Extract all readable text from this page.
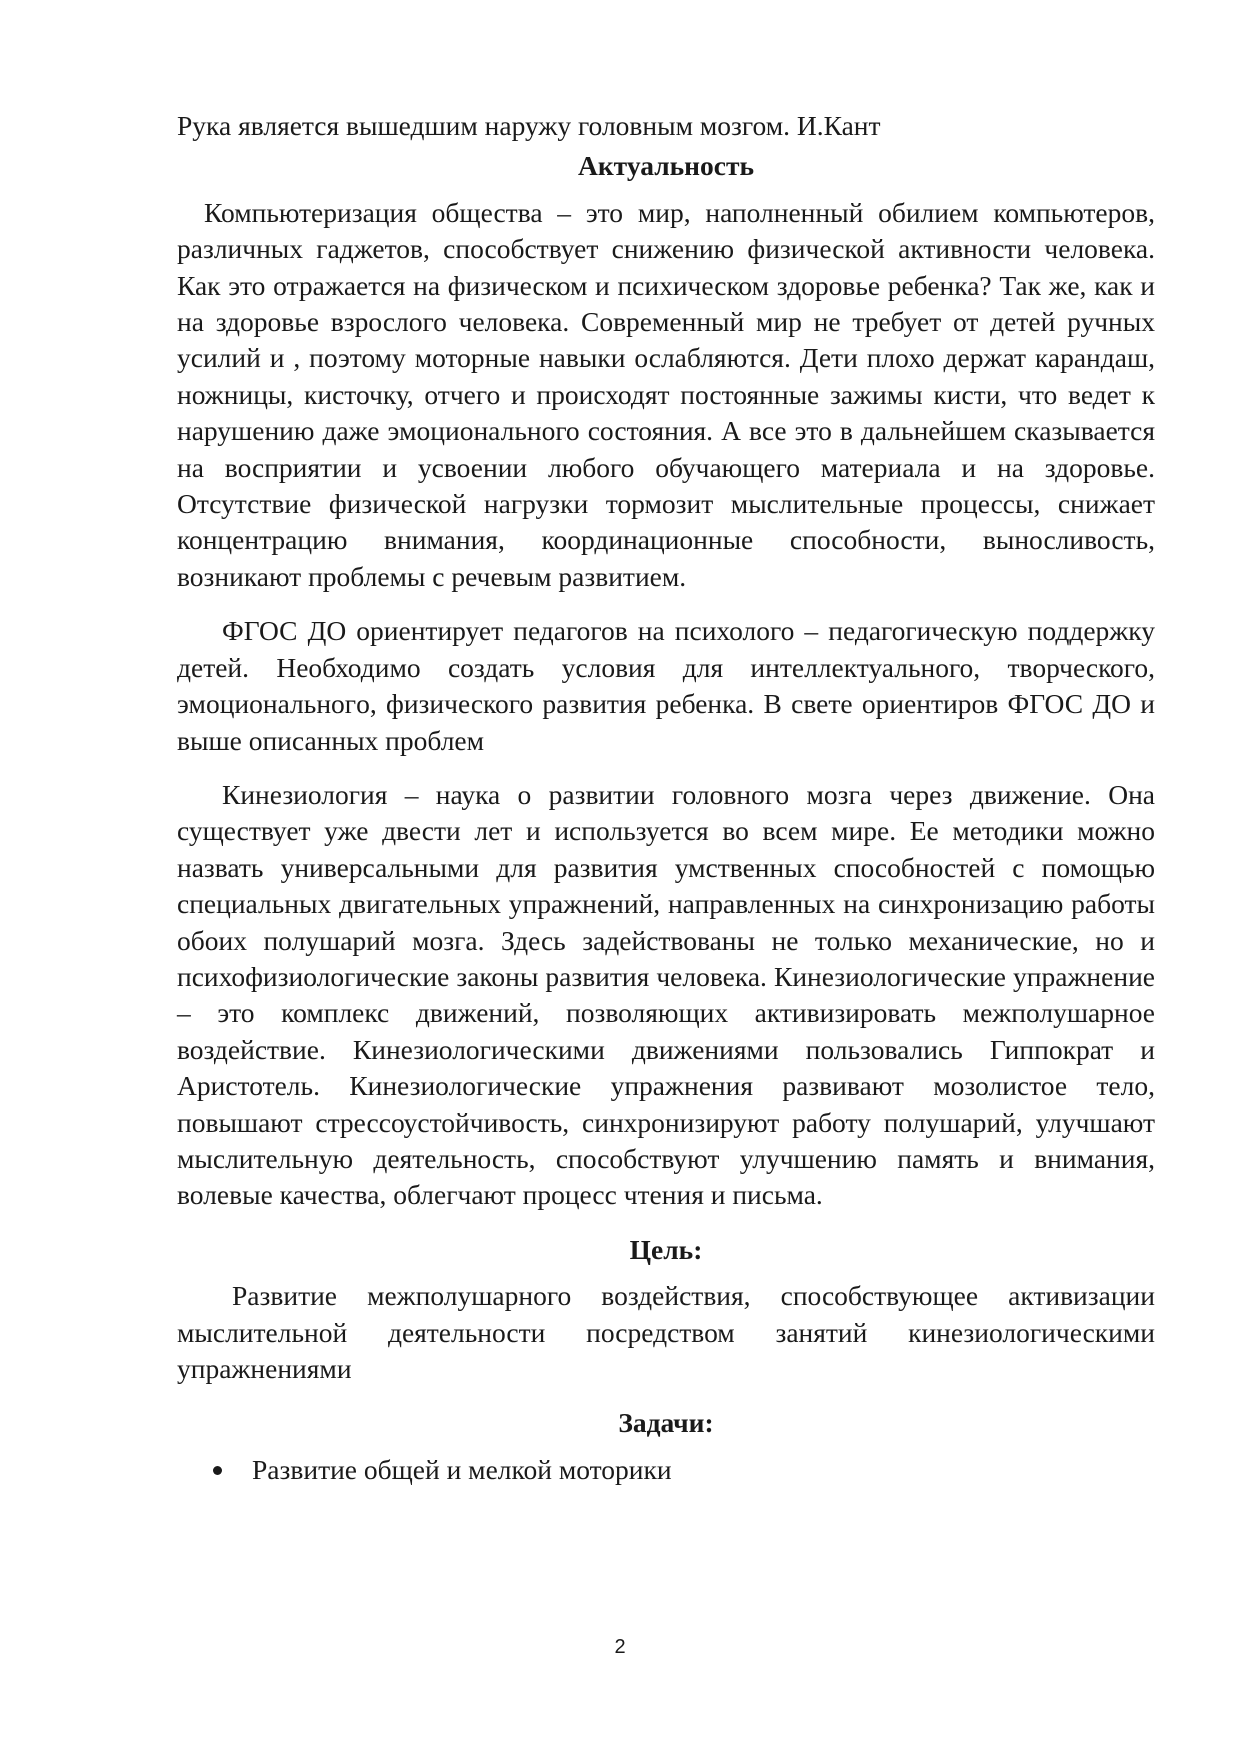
Рука является вышедшим наружу головным мозгом. И.Кант
Актуальность

Компьютеризация общества – это мир, наполненный обилием компьютеров, различных гаджетов, способствует снижению физической активности человека. Как это отражается на физическом и психическом здоровье ребенка? Так же, как и на здоровье взрослого человека. Современный мир не требует от детей ручных усилий и , поэтому моторные навыки ослабляются. Дети плохо держат карандаш, ножницы, кисточку, отчего и происходят постоянные зажимы кисти, что ведет к нарушению даже эмоционального состояния. А все это в дальнейшем сказывается на восприятии и усвоении любого обучающего материала и на здоровье. Отсутствие физической нагрузки тормозит мыслительные процессы, снижает концентрацию внимания, координационные способности, выносливость, возникают проблемы с речевым развитием.

ФГОС ДО ориентирует педагогов на психолого – педагогическую поддержку детей. Необходимо создать условия для интеллектуального, творческого, эмоциональногo, физического развития ребенка. В свете ориентиров ФГОС ДО и выше описанных проблем

Кинезиология – наука о развитии головного мозга через движение. Она существует уже двести лет и используется во всем мире. Ее методики можно назвать универсальными для развития умственных способностей с помощью специальных двигательных упражнений, направленных на синхронизацию работы обоих полушарий мозга. Здесь задействованы не только механические, но и психофизиологические законы развития человека. Кинезиологические упражнение – это комплекс движений, позволяющих активизировать межполушарное воздействие. Кинезиологическими движениями пользовались Гиппократ и Аристотель. Кинезиологические упражнения развивают мозолистое тело, повышают стрессоустойчивость, синхронизируют работу полушарий, улучшают мыслительную деятельность, способствуют улучшению память и внимания, волевые качества, облегчают процесс чтения и письма.

Цель:

Развитие межполушарного воздействия, способствующее активизации мыслительной деятельности посредством занятий кинезиологическими упражнениями

Задачи:
Развитие общей и мелкой моторики
2
